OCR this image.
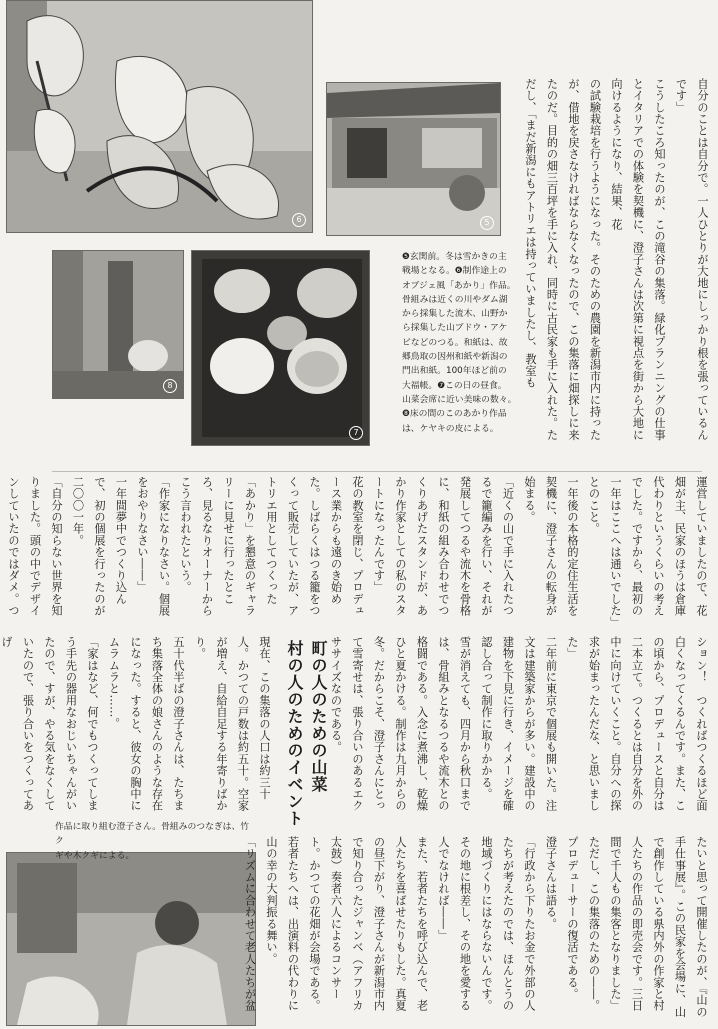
6	5
8
7
❺玄関前。冬は雪かきの主
戦場となる。❻制作途上の
オブジェ風「あかり」作品。
骨組みは近くの川やダム湖
から採集した流木、山野か
ら採集した山ブドウ・アケ
ビなどのつる。和紙は、故
郷鳥取の因州和紙や新潟の
門出和紙。100年ほど前の
大福帳。❼この日の昼食。
山菜会席に近い美味の数々。
❽床の間のこのあかり作品
は、ケヤキの皮による。
作品に取り組む澄子さん。骨組みのつなぎは、竹ク
ギや木クギによる。

自分のことは自分で。一人ひとりが大地にしっかり根を張っているんです」

こうしたころ知ったのが、この滝谷の集落。緑化プランニングの仕事とイタリアでの体験を契機に、澄子さんは次第に視点を街から大地に向けるようになり、結果、花

の試験栽培を行うようになった。そのための農園を新潟市内に持ったが、借地を戻さなければならなくなったので、この集落に畑探しに来たのだ。目的の畑三百坪を手に入れ、同時に古民家も手に入れた。ただし、「まだ新潟にもアトリエは持っていましたし、教室も

運営していましたので、花畑が主、民家のほうは倉庫代わりというくらいの考えでした。ですから、最初の一年はここへは通いでした」とのこと。

一年後の本格的定住生活を契機に、澄子さんの転身が始まる。

「近くの山で手に入れたつるで籠編みを行い、それが発展してつるや流木を骨格に、和紙の組み合わせでつくりあげたスタンドが、あかり作家としての私のスタートになったんです」

花の教室を閉じ、プロデュース業からも遠のき始めた。しばらくはつる籠をつくって販売していたが、アトリエ用としてつくった「あかり」を懇意のギャラリーに見せに行ったところ、見るなりオーナーからこう言われたという。

「作家になりなさい。個展をおやりなさい――」

一年間夢中でつくり込んで、初の個展を行ったのが二〇〇一年。

「自分の知らない世界を知りました。頭の中でデザインしていたのではダメ。つ

ション！　つくればつくるほど面白くなってくるんです。また、この頃から、プロデュースと自分は二本立て。つくるとは自分を外の中に向けていくこと。自分への探求が始まったんだな、と思いました」

二年前に東京で個展も開いた。注文は建築家からが多い。建設中の建物を下見に行き、イメージを確認し合って制作に取りかかる。

雪が消えても、四月から秋口までは、骨組みとなるつるや流木との格闘である。入念に煮沸し、乾燥ひと夏かける。制作は九月からの冬。だからこそ、澄子さんにとって雪寄せは、張り合いのあるエクササイズなのである。

町の人のための山菜
村の人のためのイベント

現在、この集落の人口は約三十人。かつての戸数は約五十。空家が増え、自給自足する年寄りばかり。

五十代半ばの澄子さんは、たちまち集落全体の娘さんのような存在になった。すると、彼女の胸中にムラムラと……。

「家はなど、何でもつくってしまう手先の器用なおじいちゃんがいたので、すが、やる気をなくしていたので、張り合いをつくってあげ

たいと思って開催したのが、『山の手仕事展』。この民家を会場に、山で創作している県内外の作家と村人たちの作品の即売会です。三日間で千人もの集客となりました」

ただし、この集落のための――。プロデューサーの復活である。

澄子さんは語る。

「行政から下りたお金で外部の人たちが考えたのでは、ほんとうの地域づくりにはならないんです。その地に根差し、その地を愛する人でなければ――」

また、若者たちを呼び込んで、老人たちを喜ばせたりもした。真夏の昼下がり、澄子さんが新潟市内で知り合ったジャンベ（アフリカ太鼓）奏者六人によるコンサート。かつての花畑が会場である。若者たちへは、出演料の代わりに山の幸の大判振る舞い。

「リズムに合わせて老人たちが盆
